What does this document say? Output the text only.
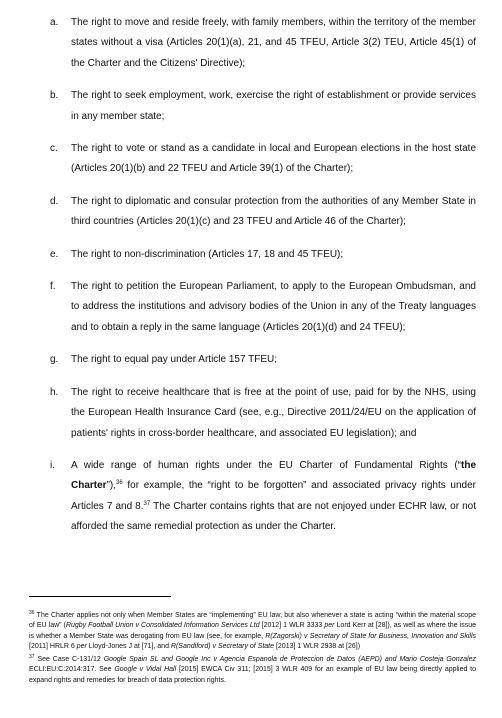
a.	The right to move and reside freely, with family members, within the territory of the member states without a visa (Articles 20(1)(a), 21, and 45 TFEU, Article 3(2) TEU, Article 45(1) of the Charter and the Citizens' Directive);
b.	The right to seek employment, work, exercise the right of establishment or provide services in any member state;
c.	The right to vote or stand as a candidate in local and European elections in the host state (Articles 20(1)(b) and 22 TFEU and Article 39(1) of the Charter);
d.	The right to diplomatic and consular protection from the authorities of any Member State in third countries (Articles 20(1)(c) and 23 TFEU and Article 46 of the Charter);
e.	The right to non-discrimination (Articles 17, 18 and 45 TFEU);
f.	The right to petition the European Parliament, to apply to the European Ombudsman, and to address the institutions and advisory bodies of the Union in any of the Treaty languages and to obtain a reply in the same language (Articles 20(1)(d) and 24 TFEU);
g.	The right to equal pay under Article 157 TFEU;
h.	The right to receive healthcare that is free at the point of use, paid for by the NHS, using the European Health Insurance Card (see, e.g., Directive 2011/24/EU on the application of patients' rights in cross-border healthcare, and associated EU legislation); and
i.	A wide range of human rights under the EU Charter of Fundamental Rights (“the Charter”),$^{36}$ for example, the “right to be forgotten” and associated privacy rights under Articles 7 and 8.37 The Charter contains rights that are not enjoyed under ECHR law, or not afforded the same remedial protection as under the Charter.
$^{36}$ The Charter applies not only when Member States are “implementing” EU law, but also whenever a state is acting “within the material scope of EU law” (Rugby Football Union v Consolidated Information Services Ltd [2012] 1 WLR 3333 per Lord Kerr at [28]), as well as where the issue is whether a Member State was derogating from EU law (see, for example, R(Zagorski) v Secretary of State for Business, Innovation and Skills [2011] HRLR 6 per Lloyd-Jones J at [71], and R(Sandiford) v Secretary of State [2013] 1 WLR 2938 at [26])
$^{37}$ See Case C-131/12 Google Spain SL and Google Inc v Agencia Espanola de Proteccion de Datos (AEPD) and Mario Costeja Gonzalez ECLI:EU:C:2014:317. See Google v Vidal Hall [2015] EWCA Civ 311; [2015] 3 WLR 409 for an example of EU law being directly applied to expand rights and remedies for breach of data protection rights.
